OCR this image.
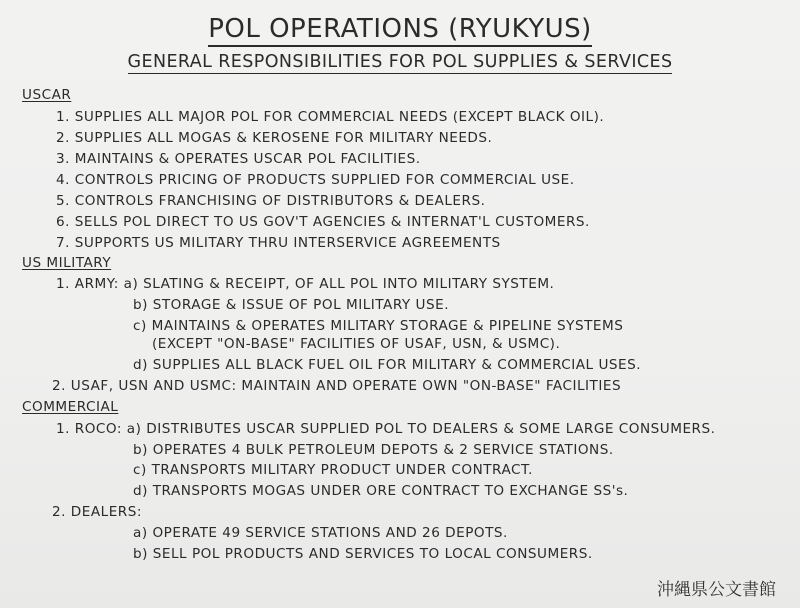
POL OPERATIONS (RYUKYUS)
GENERAL RESPONSIBILITIES FOR POL SUPPLIES & SERVICES
USCAR
1. SUPPLIES ALL MAJOR POL FOR COMMERCIAL NEEDS (EXCEPT BLACK OIL).
2. SUPPLIES ALL MOGAS & KEROSENE FOR MILITARY NEEDS.
3. MAINTAINS & OPERATES USCAR POL FACILITIES.
4. CONTROLS PRICING OF PRODUCTS SUPPLIED FOR COMMERCIAL USE.
5. CONTROLS FRANCHISING OF DISTRIBUTORS & DEALERS.
6. SELLS POL DIRECT TO US GOV'T AGENCIES & INTERNAT'L CUSTOMERS.
7. SUPPORTS US MILITARY THRU INTERSERVICE AGREEMENTS
US MILITARY
1. ARMY: a) SLATING & RECEIPT, OF ALL POL INTO MILITARY SYSTEM.
b) STORAGE & ISSUE OF POL MILITARY USE.
c) MAINTAINS & OPERATES MILITARY STORAGE & PIPELINE SYSTEMS
(EXCEPT "ON-BASE" FACILITIES OF USAF, USN, & USMC).
d) SUPPLIES ALL BLACK FUEL OIL FOR MILITARY & COMMERCIAL USES.
2. USAF, USN AND USMC: MAINTAIN AND OPERATE OWN "ON-BASE" FACILITIES
COMMERCIAL
1. ROCO: a) DISTRIBUTES USCAR SUPPLIED POL TO DEALERS & SOME LARGE CONSUMERS.
b) OPERATES 4 BULK PETROLEUM DEPOTS & 2 SERVICE STATIONS.
c) TRANSPORTS MILITARY PRODUCT UNDER CONTRACT.
d) TRANSPORTS MOGAS UNDER ORE CONTRACT TO EXCHANGE SS's.
2. DEALERS:
a) OPERATE 49 SERVICE STATIONS AND 26 DEPOTS.
b) SELL POL PRODUCTS AND SERVICES TO LOCAL CONSUMERS.
沖縄県公文書館
